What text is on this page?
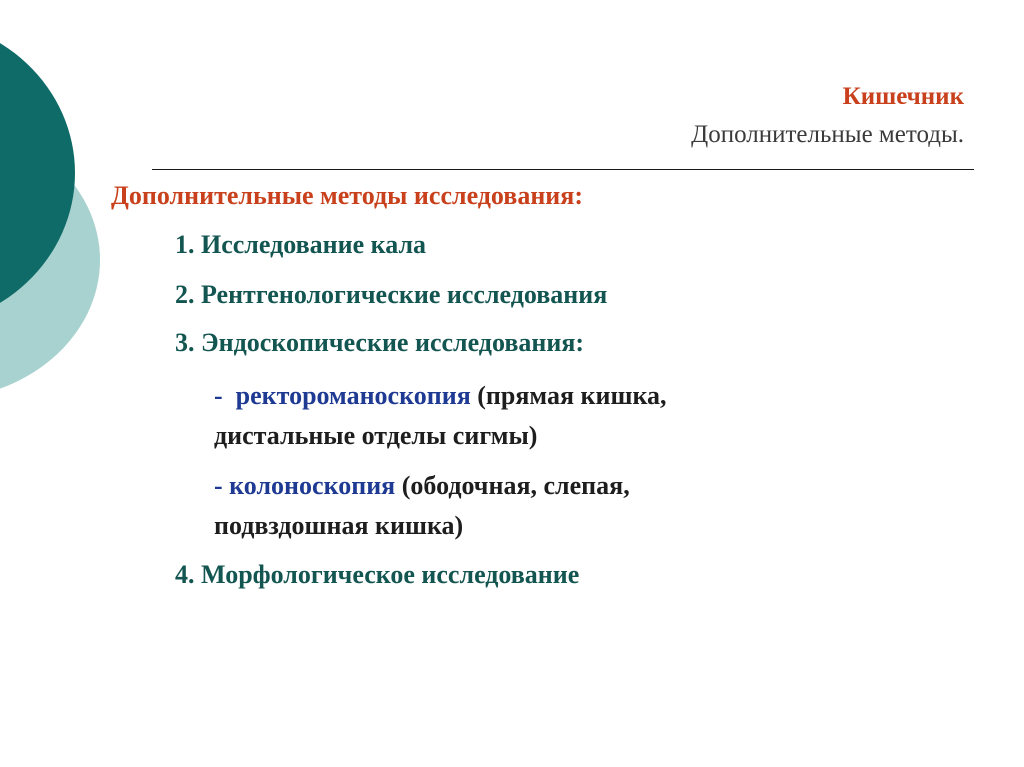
Кишечник
Дополнительные методы.
Дополнительные методы исследования:
1. Исследование кала
2. Рентгенологические исследования
3. Эндоскопические исследования:
- ректороманоскопия (прямая кишка,
дистальные отделы сигмы)
- колоноскопия (ободочная, слепая,
подвздошная кишка)
4. Морфологическое исследование
